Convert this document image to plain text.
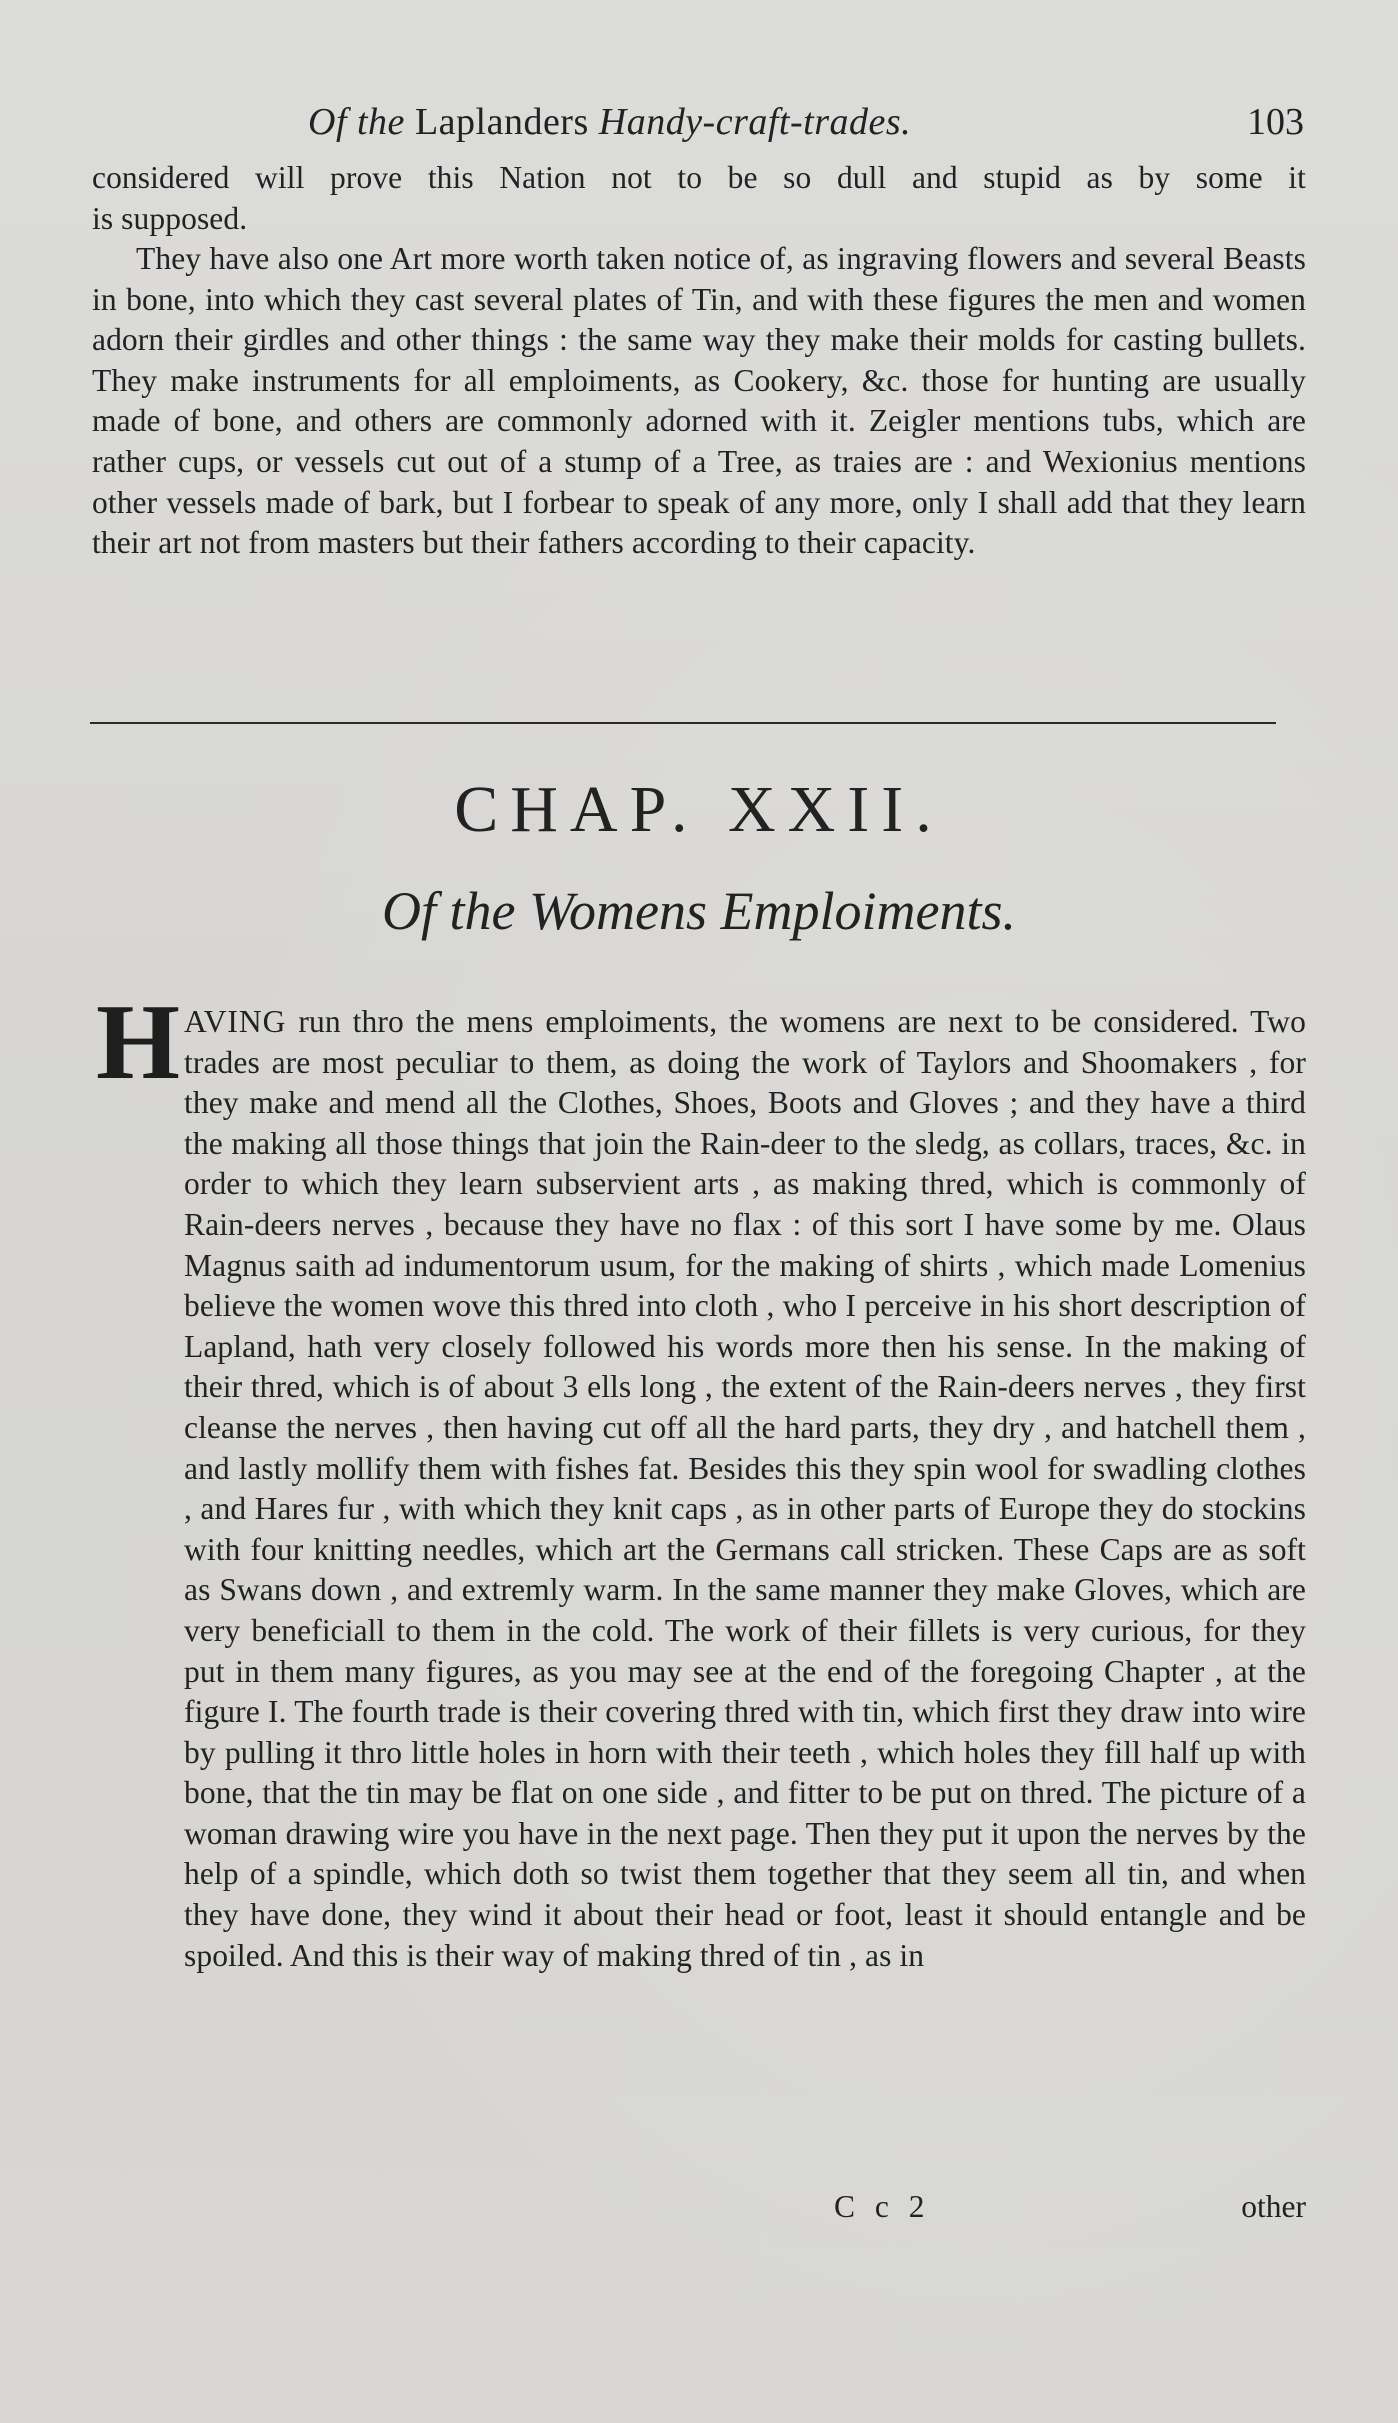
Of the Laplanders Handy-craft-trades.	103

considered will prove this Nation not to be so dull and stupid as by some it

is supposed.

They have also one Art more worth taken notice of, as ingraving flowers and several Beasts in bone, into which they cast several plates of Tin, and with these figures the men and women adorn their girdles and other things : the same way they make their molds for casting bullets. They make instruments for all emploiments, as Cookery, &c. those for hunting are usually made of bone, and others are commonly adorned with it. Zeigler mentions tubs, which are rather cups, or vessels cut out of a stump of a Tree, as traies are : and Wexionius mentions other vessels made of bark, but I forbear to speak of any more, only I shall add that they learn their art not from masters but their fathers according to their capacity.

CHAP. XXII.
Of the Womens Emploiments.
H AVING run thro the mens emploiments, the womens are next to be considered. Two trades are most peculiar to them, as doing the work of Taylors and Shoomakers , for they make and mend all the Clothes, Shoes, Boots and Gloves ; and they have a third the making all those things that join the Rain-deer to the sledg, as collars, traces, &c. in order to which they learn subservient arts , as making thred, which is commonly of Rain-deers nerves , because they have no flax : of this sort I have some by me. Olaus Magnus saith ad indumentorum usum, for the making of shirts , which made Lomenius believe the women wove this thred into cloth , who I perceive in his short description of Lapland, hath very closely followed his words more then his sense. In the making of their thred, which is of about 3 ells long , the extent of the Rain-deers nerves , they first cleanse the nerves , then having cut off all the hard parts, they dry , and hatchell them , and lastly mollify them with fishes fat. Besides this they spin wool for swadling clothes , and Hares fur , with which they knit caps , as in other parts of Europe they do stockins with four knitting needles, which art the Germans call stricken. These Caps are as soft as Swans down , and extremly warm. In the same manner they make Gloves, which are very beneficiall to them in the cold. The work of their fillets is very curious, for they put in them many figures, as you may see at the end of the foregoing Chapter , at the figure I. The fourth trade is their covering thred with tin, which first they draw into wire by pulling it thro little holes in horn with their teeth , which holes they fill half up with bone, that the tin may be flat on one side , and fitter to be put on thred. The picture of a woman drawing wire you have in the next page. Then they put it upon the nerves by the help of a spindle, which doth so twist them together that they seem all tin, and when they have done, they wind it about their head or foot, least it should entangle and be spoiled. And this is their way of making thred of tin , as in

C c 2	other
